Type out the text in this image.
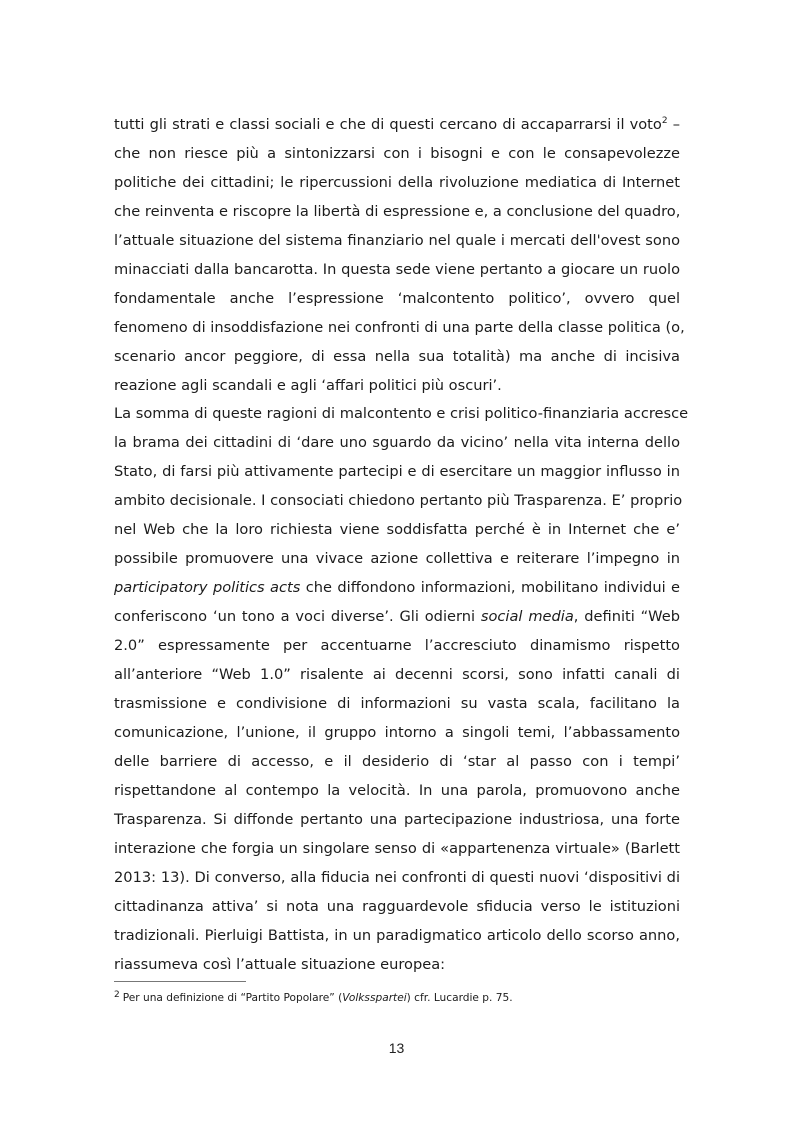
tutti gli strati e classi sociali e che di questi cercano di accaparrarsi il voto$^2$ –
che non riesce più a sintonizzarsi con i bisogni e con le consapevolezze
politiche dei cittadini; le ripercussioni della rivoluzione mediatica di Internet
che reinventa e riscopre la libertà di espressione e, a conclusione del quadro,
l’attuale situazione del sistema finanziario nel quale i mercati dell'ovest sono
minacciati dalla bancarotta. In questa sede viene pertanto a giocare un ruolo
fondamentale anche l’espressione ‘malcontento politico’, ovvero quel
fenomeno di insoddisfazione nei confronti di una parte della classe politica (o,
scenario ancor peggiore, di essa nella sua totalità) ma anche di incisiva
reazione agli scandali e agli ‘affari politici più oscuri’.
La somma di queste ragioni di malcontento e crisi politico-finanziaria accresce
la brama dei cittadini di ‘dare uno sguardo da vicino’ nella vita interna dello
Stato, di farsi più attivamente partecipi e di esercitare un maggior influsso in
ambito decisionale. I consociati chiedono pertanto più Trasparenza. E’ proprio
nel Web che la loro richiesta viene soddisfatta perché è in Internet che e’
possibile promuovere una vivace azione collettiva e reiterare l’impegno in
participatory politics acts che diffondono informazioni, mobilitano individui e
conferiscono ‘un tono a voci diverse’. Gli odierni social media, definiti “Web
2.0” espressamente per accentuarne l’accresciuto dinamismo rispetto
all’anteriore “Web 1.0” risalente ai decenni scorsi, sono infatti canali di
trasmissione e condivisione di informazioni su vasta scala, facilitano la
comunicazione, l’unione, il gruppo intorno a singoli temi, l’abbassamento
delle barriere di accesso, e il desiderio di ‘star al passo con i tempi’
rispettandone al contempo la velocità. In una parola, promuovono anche
Trasparenza. Si diffonde pertanto una partecipazione industriosa, una forte
interazione che forgia un singolare senso di «appartenenza virtuale» (Barlett
2013: 13). Di converso, alla fiducia nei confronti di questi nuovi ‘dispositivi di
cittadinanza attiva’ si nota una ragguardevole sfiducia verso le istituzioni
tradizionali. Pierluigi Battista, in un paradigmatico articolo dello scorso anno,
riassumeva così l’attuale situazione europea:
$^2$ Per una definizione di “Partito Popolare” (Volksspartei) cfr. Lucardie p. 75.
13
